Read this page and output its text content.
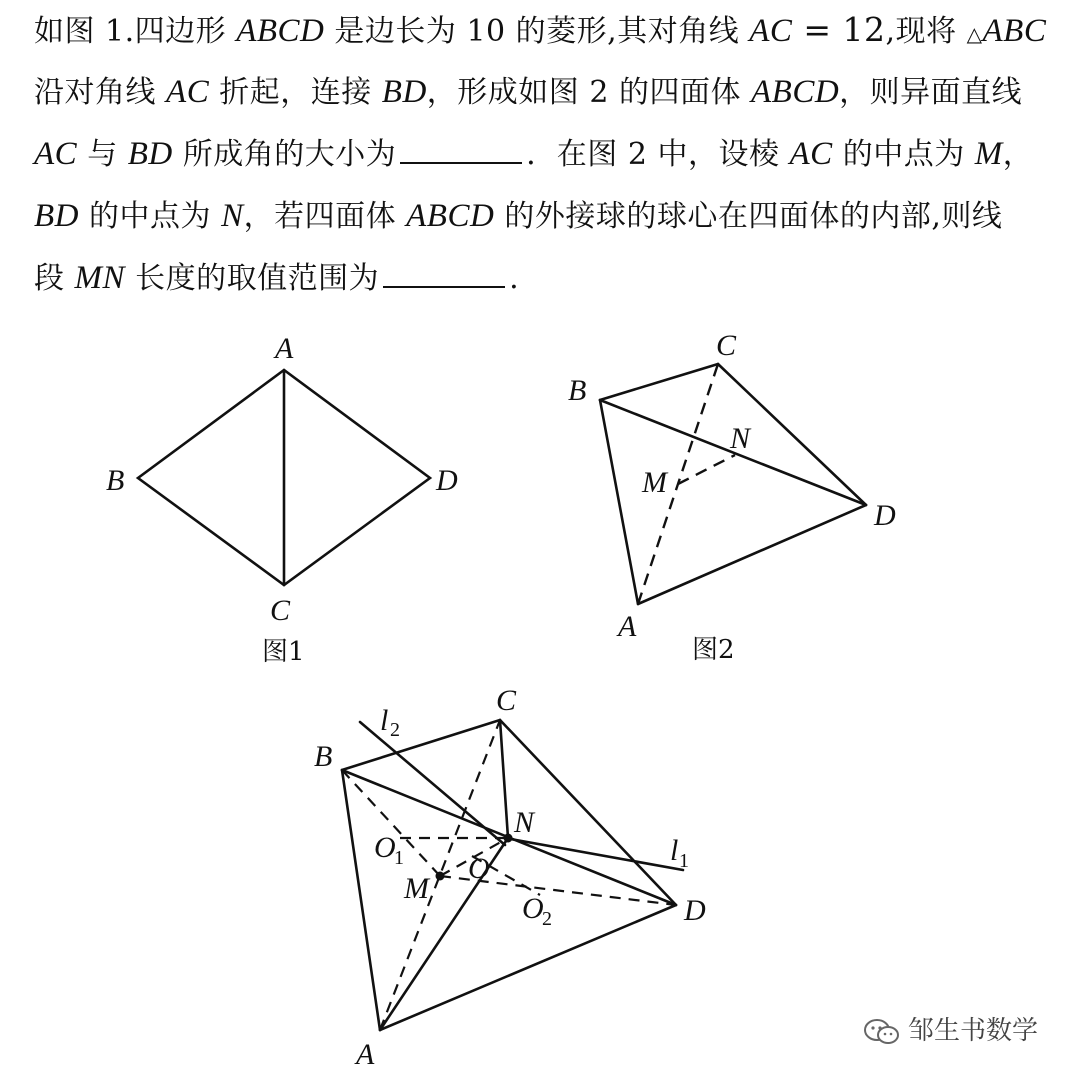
如图 1.四边形 ABCD 是边长为 10 的菱形,其对角线 AC = 12,现将 △ABC
沿对角线 AC 折起，连接 BD，形成如图 2 的四面体 ABCD，则异面直线
AC 与 BD 所成角的大小为	．在图 2 中，设棱 AC 的中点为 M，
BD 的中点为 N，若四面体 ABCD 的外接球的球心在四面体的内部,则线
段 MN 长度的取值范围为	.
A
B
C
D
图1
C
B
N
M
D
A
图2
C
B
l 2
N
O
1 O
l 1
M
O
2	D
A
邹生书数学
